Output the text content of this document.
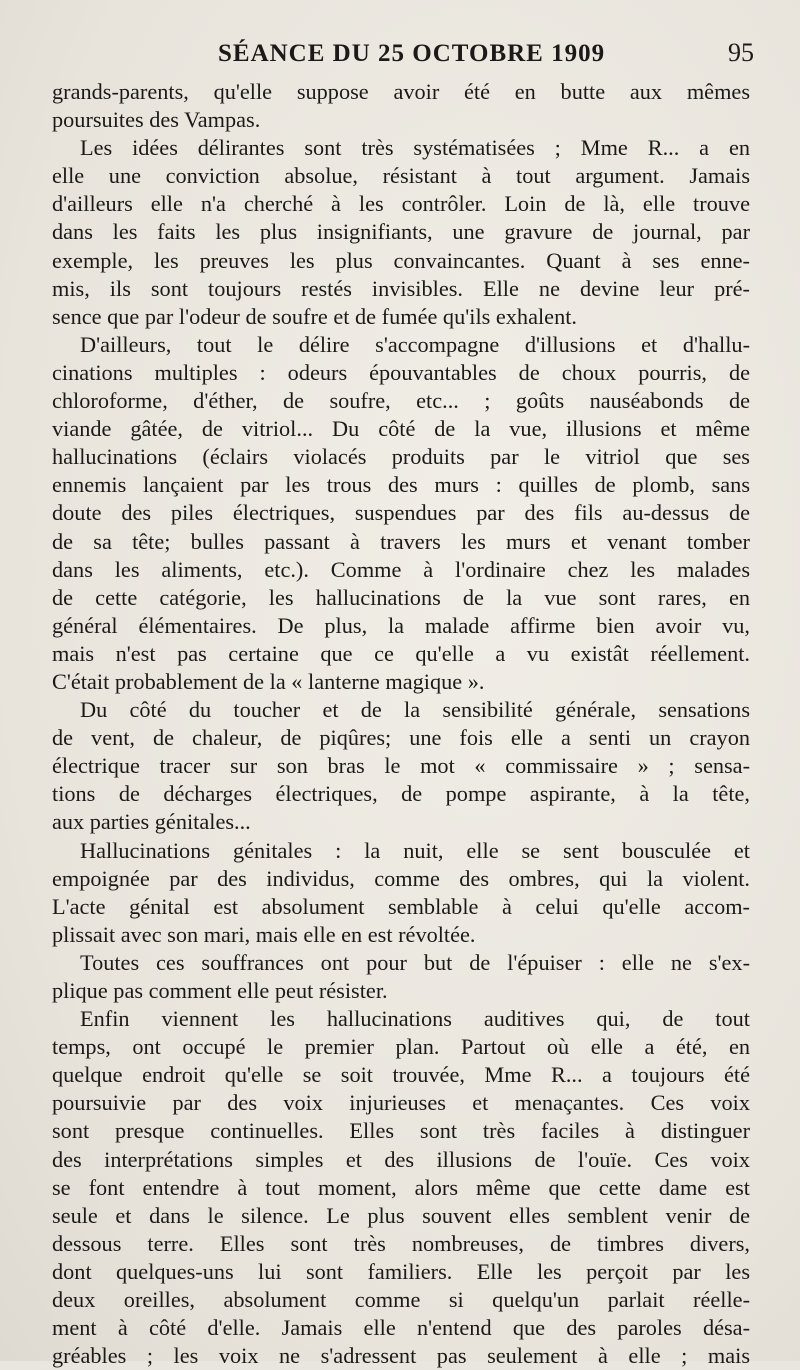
SÉANCE DU 25 OCTOBRE 1909	95
grands-parents, qu'elle suppose avoir été en butte aux mêmes
poursuites des Vampas.
Les idées délirantes sont très systématisées ; Mme R... a en
elle une conviction absolue, résistant à tout argument. Jamais
d'ailleurs elle n'a cherché à les contrôler. Loin de là, elle trouve
dans les faits les plus insignifiants, une gravure de journal, par
exemple, les preuves les plus convaincantes. Quant à ses enne-
mis, ils sont toujours restés invisibles. Elle ne devine leur pré-
sence que par l'odeur de soufre et de fumée qu'ils exhalent.
D'ailleurs, tout le délire s'accompagne d'illusions et d'hallu-
cinations multiples : odeurs épouvantables de choux pourris, de
chloroforme, d'éther, de soufre, etc... ; goûts nauséabonds de
viande gâtée, de vitriol... Du côté de la vue, illusions et même
hallucinations (éclairs violacés produits par le vitriol que ses
ennemis lançaient par les trous des murs : quilles de plomb, sans
doute des piles électriques, suspendues par des fils au-dessus de
de sa tête; bulles passant à travers les murs et venant tomber
dans les aliments, etc.). Comme à l'ordinaire chez les malades
de cette catégorie, les hallucinations de la vue sont rares, en
général élémentaires. De plus, la malade affirme bien avoir vu,
mais n'est pas certaine que ce qu'elle a vu existât réellement.
C'était probablement de la « lanterne magique ».
Du côté du toucher et de la sensibilité générale, sensations
de vent, de chaleur, de piqûres; une fois elle a senti un crayon
électrique tracer sur son bras le mot « commissaire » ; sensa-
tions de décharges électriques, de pompe aspirante, à la tête,
aux parties génitales...
Hallucinations génitales : la nuit, elle se sent bousculée et
empoignée par des individus, comme des ombres, qui la violent.
L'acte génital est absolument semblable à celui qu'elle accom-
plissait avec son mari, mais elle en est révoltée.
Toutes ces souffrances ont pour but de l'épuiser : elle ne s'ex-
plique pas comment elle peut résister.
Enfin viennent les hallucinations auditives qui, de tout
temps, ont occupé le premier plan. Partout où elle a été, en
quelque endroit qu'elle se soit trouvée, Mme R... a toujours été
poursuivie par des voix injurieuses et menaçantes. Ces voix
sont presque continuelles. Elles sont très faciles à distinguer
des interprétations simples et des illusions de l'ouïe. Ces voix
se font entendre à tout moment, alors même que cette dame est
seule et dans le silence. Le plus souvent elles semblent venir de
dessous terre. Elles sont très nombreuses, de timbres divers,
dont quelques-uns lui sont familiers. Elle les perçoit par les
deux oreilles, absolument comme si quelqu'un parlait réelle-
ment à côté d'elle. Jamais elle n'entend que des paroles désa-
gréables ; les voix ne s'adressent pas seulement à elle ; mais
